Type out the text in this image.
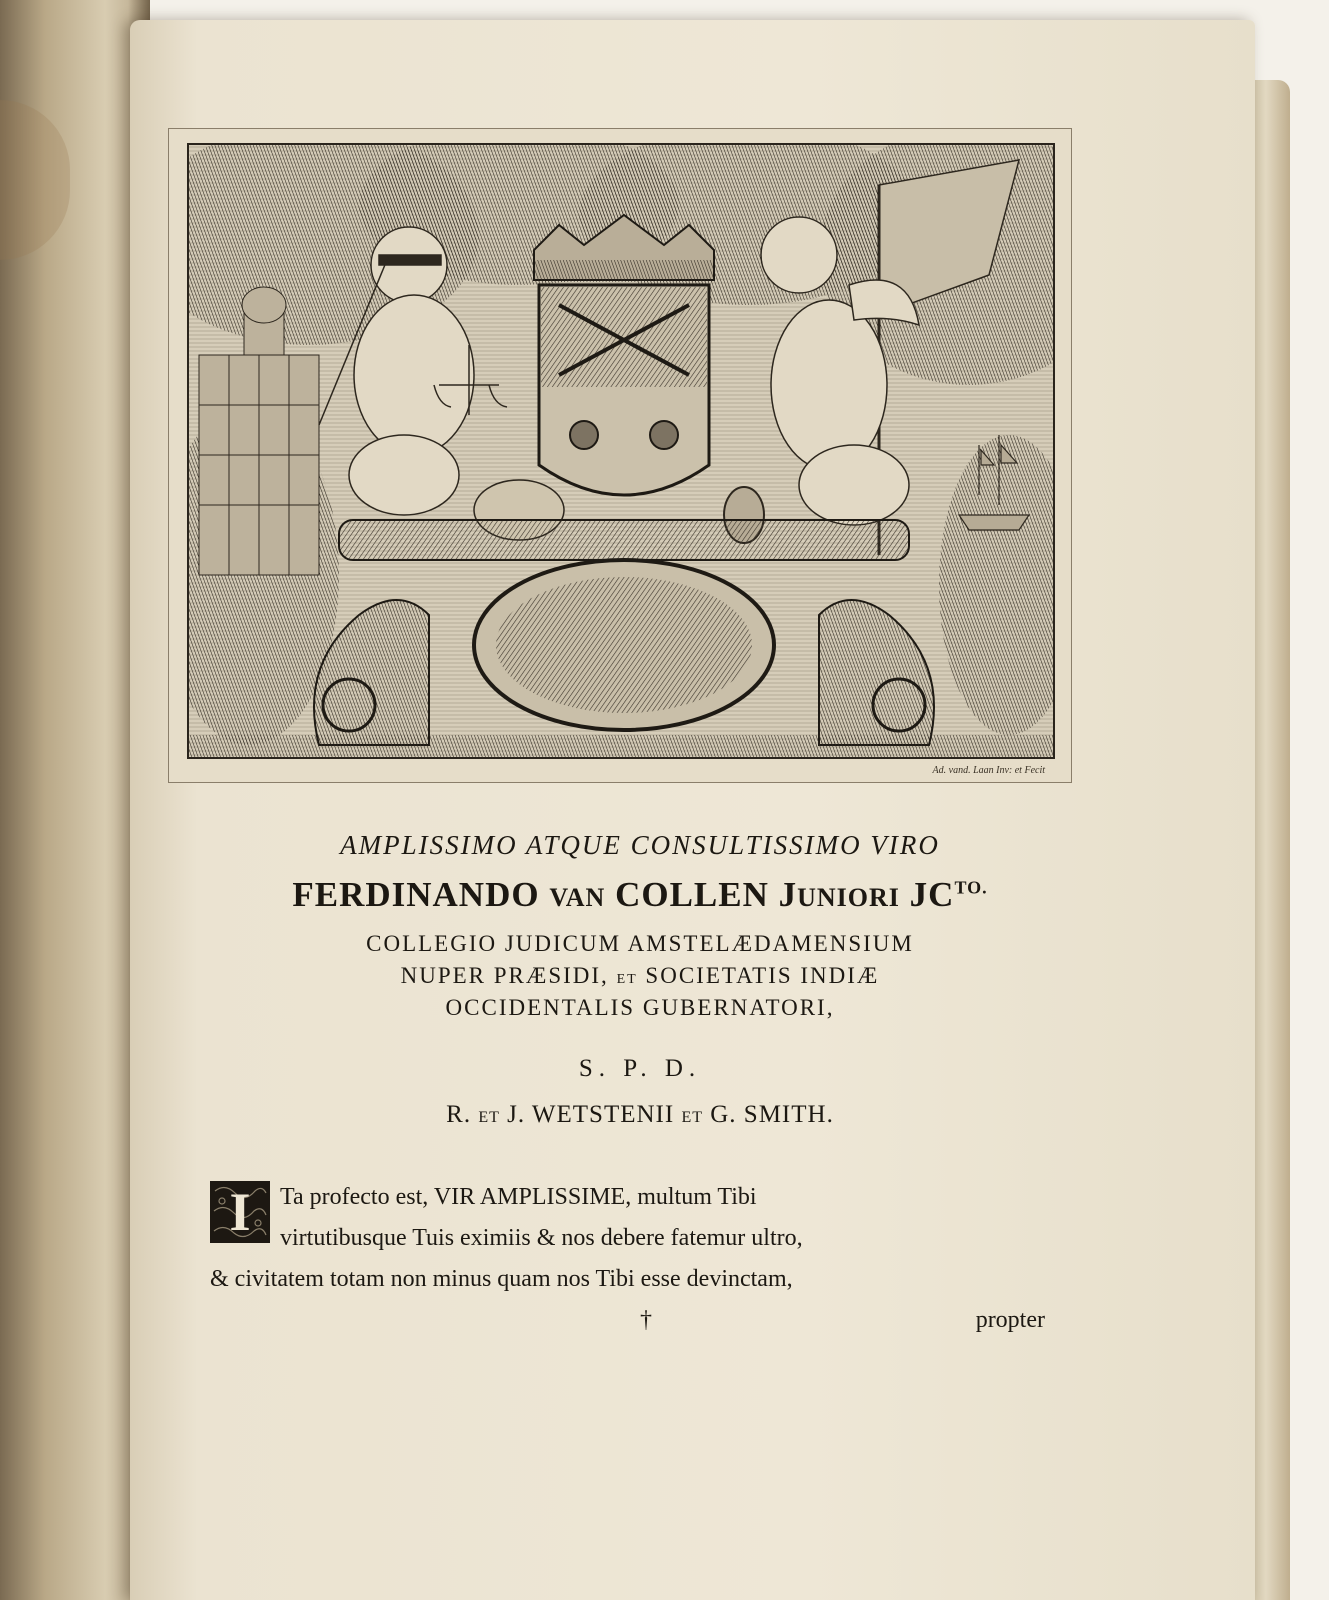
Ad. vand. Laan Inv: et Fecit
AMPLISSIMO ATQUE CONSULTISSIMO VIRO
FERDINANDO VAN COLLEN JUNIORI $JC^{TO.}$
COLLEGIO JUDICUM AMSTELÆDAMENSIUM
NUPER PRÆSIDI, ET SOCIETATIS INDIÆ
OCCIDENTALIS GUBERNATORI,
S. P. D.
R. ET J. WETSTENII ET G. SMITH.
I	Ta profecto est, VIR AMPLISSIME, multum Tibi
virtutibusque Tuis eximiis & nos debere fatemur ultro,
& civitatem totam non minus quam nos Tibi esse devinctam,
†	propter
